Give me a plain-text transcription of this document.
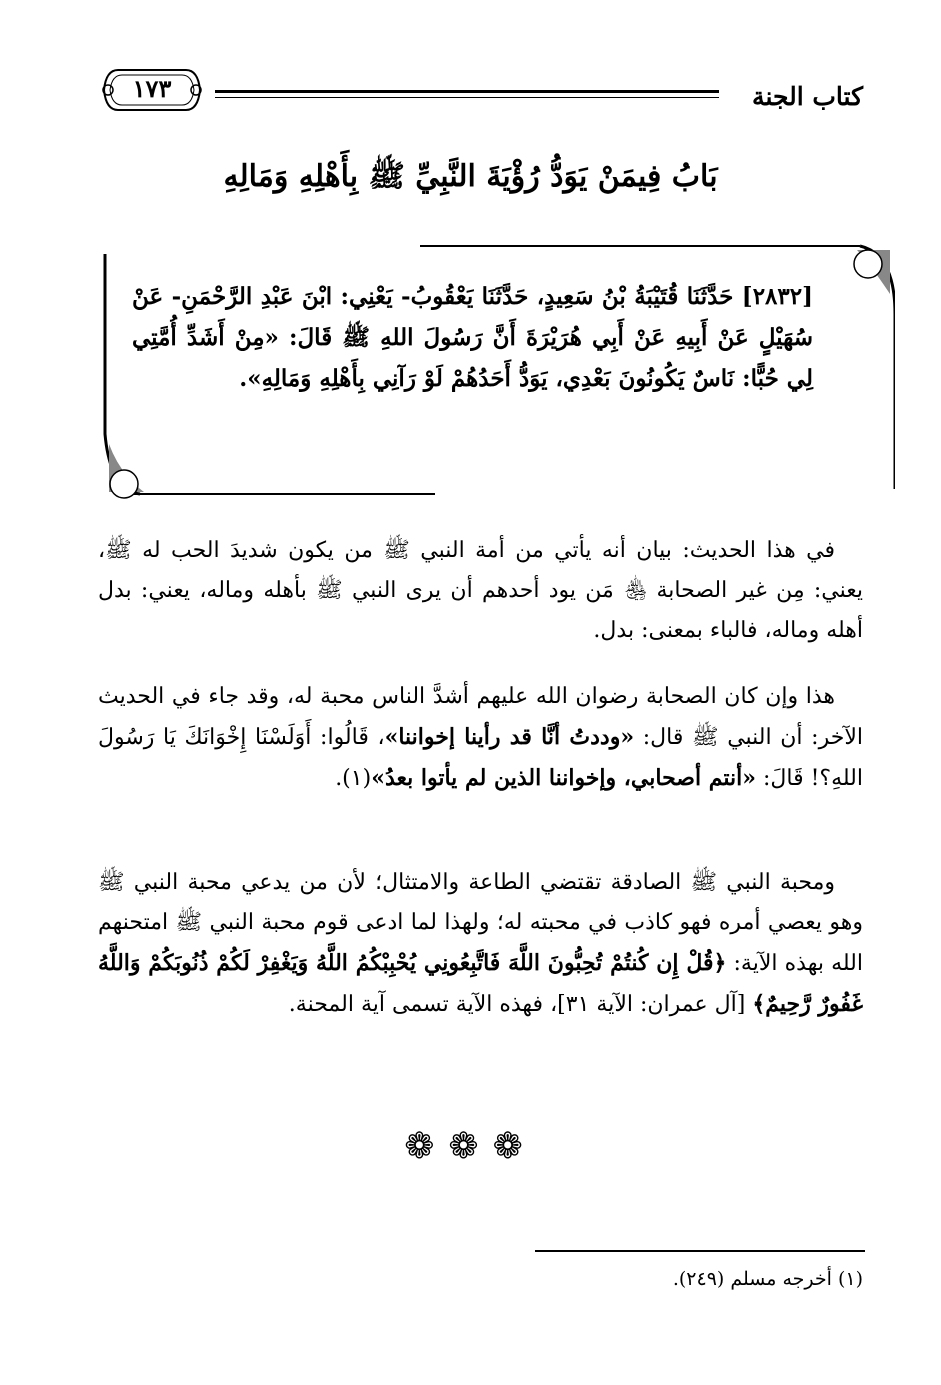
كتاب الجنة
١٧٣
بَابُ فِيمَنْ يَوَدُّ رُؤْيَةَ النَّبِيِّ ﷺ بِأَهْلِهِ وَمَالِهِ
[٢٨٣٢] حَدَّثَنَا قُتَيْبَةُ بْنُ سَعِيدٍ، حَدَّثَنَا يَعْقُوبُ- يَعْنِي: ابْنَ عَبْدِ الرَّحْمَنِ- عَنْ سُهَيْلٍ عَنْ أَبِيهِ عَنْ أَبِي هُرَيْرَةَ أَنَّ رَسُولَ اللهِ ﷺ قَالَ: «مِنْ أَشَدِّ أُمَّتِي لِي حُبًّا: نَاسٌ يَكُونُونَ بَعْدِي، يَوَدُّ أَحَدُهُمْ لَوْ رَآنِي بِأَهْلِهِ وَمَالِهِ».

في هذا الحديث: بيان أنه يأتي من أمة النبي ﷺ من يكون شديدَ الحب له ﷺ، يعني: مِن غير الصحابة ﵃ مَن يود أحدهم أن يرى النبي ﷺ بأهله وماله، يعني: بدل أهله وماله، فالباء بمعنى: بدل.

هذا وإن كان الصحابة رضوان الله عليهم أشدَّ الناس محبة له، وقد جاء في الحديث الآخر: أن النبي ﷺ قال: «وددتُ أنَّا قد رأينا إخواننا»، قَالُوا: أَوَلَسْنَا إِخْوَانَكَ يَا رَسُولَ اللهِ؟! قَالَ: «أنتم أصحابي، وإخواننا الذين لم يأتوا بعدُ»(١).

ومحبة النبي ﷺ الصادقة تقتضي الطاعة والامتثال؛ لأن من يدعي محبة النبي ﷺ وهو يعصي أمره فهو كاذب في محبته له؛ ولهذا لما ادعى قوم محبة النبي ﷺ امتحنهم الله بهذه الآية: ﴿قُلْ إِن كُنتُمْ تُحِبُّونَ اللَّهَ فَاتَّبِعُونِي يُحْبِبْكُمُ اللَّهُ وَيَغْفِرْ لَكُمْ ذُنُوبَكُمْ وَاللَّهُ غَفُورٌ رَّحِيمٌ﴾ [آل عمران: الآية ٣١]، فهذه الآية تسمى آية المحنة.

❁❁❁
(١) أخرجه مسلم (٢٤٩).
